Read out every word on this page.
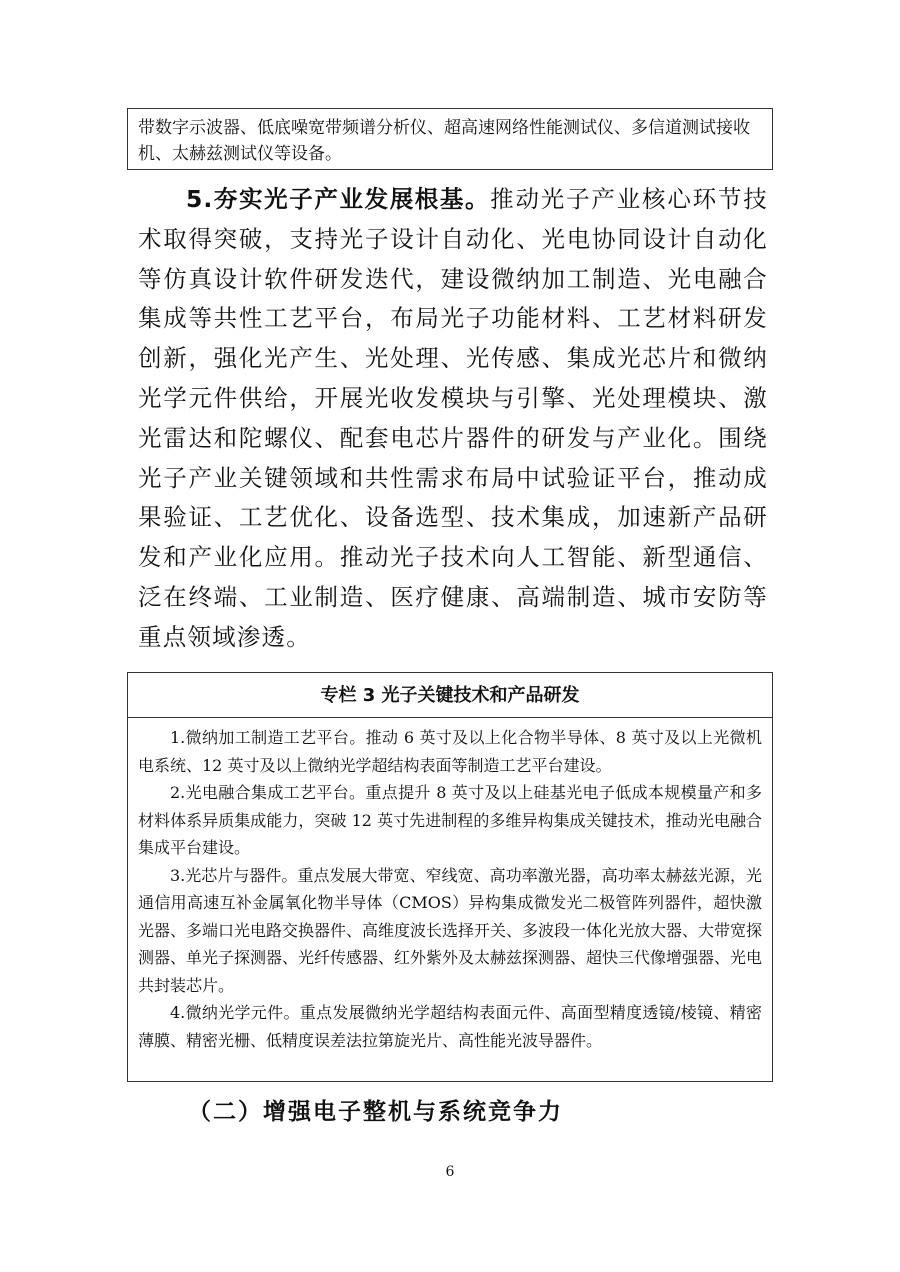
带数字示波器、低底噪宽带频谱分析仪、超高速网络性能测试仪、多信道测试接收机、太赫兹测试仪等设备。

5.夯实光子产业发展根基。推动光子产业核心环节技术取得突破，支持光子设计自动化、光电协同设计自动化等仿真设计软件研发迭代，建设微纳加工制造、光电融合集成等共性工艺平台，布局光子功能材料、工艺材料研发创新，强化光产生、光处理、光传感、集成光芯片和微纳光学元件供给，开展光收发模块与引擎、光处理模块、激光雷达和陀螺仪、配套电芯片器件的研发与产业化。围绕光子产业关键领域和共性需求布局中试验证平台，推动成果验证、工艺优化、设备选型、技术集成，加速新产品研发和产业化应用。推动光子技术向人工智能、新型通信、泛在终端、工业制造、医疗健康、高端制造、城市安防等重点领域渗透。

专栏 3 光子关键技术和产品研发

1.微纳加工制造工艺平台。推动 6 英寸及以上化合物半导体、8 英寸及以上光微机电系统、12 英寸及以上微纳光学超结构表面等制造工艺平台建设。

2.光电融合集成工艺平台。重点提升 8 英寸及以上硅基光电子低成本规模量产和多材料体系异质集成能力，突破 12 英寸先进制程的多维异构集成关键技术，推动光电融合集成平台建设。

3.光芯片与器件。重点发展大带宽、窄线宽、高功率激光器，高功率太赫兹光源，光通信用高速互补金属氧化物半导体（CMOS）异构集成微发光二极管阵列器件，超快激光器、多端口光电路交换器件、高维度波长选择开关、多波段一体化光放大器、大带宽探测器、单光子探测器、光纤传感器、红外紫外及太赫兹探测器、超快三代像增强器、光电共封装芯片。

4.微纳光学元件。重点发展微纳光学超结构表面元件、高面型精度透镜/棱镜、精密薄膜、精密光栅、低精度误差法拉第旋光片、高性能光波导器件。

（二）增强电子整机与系统竞争力
6
